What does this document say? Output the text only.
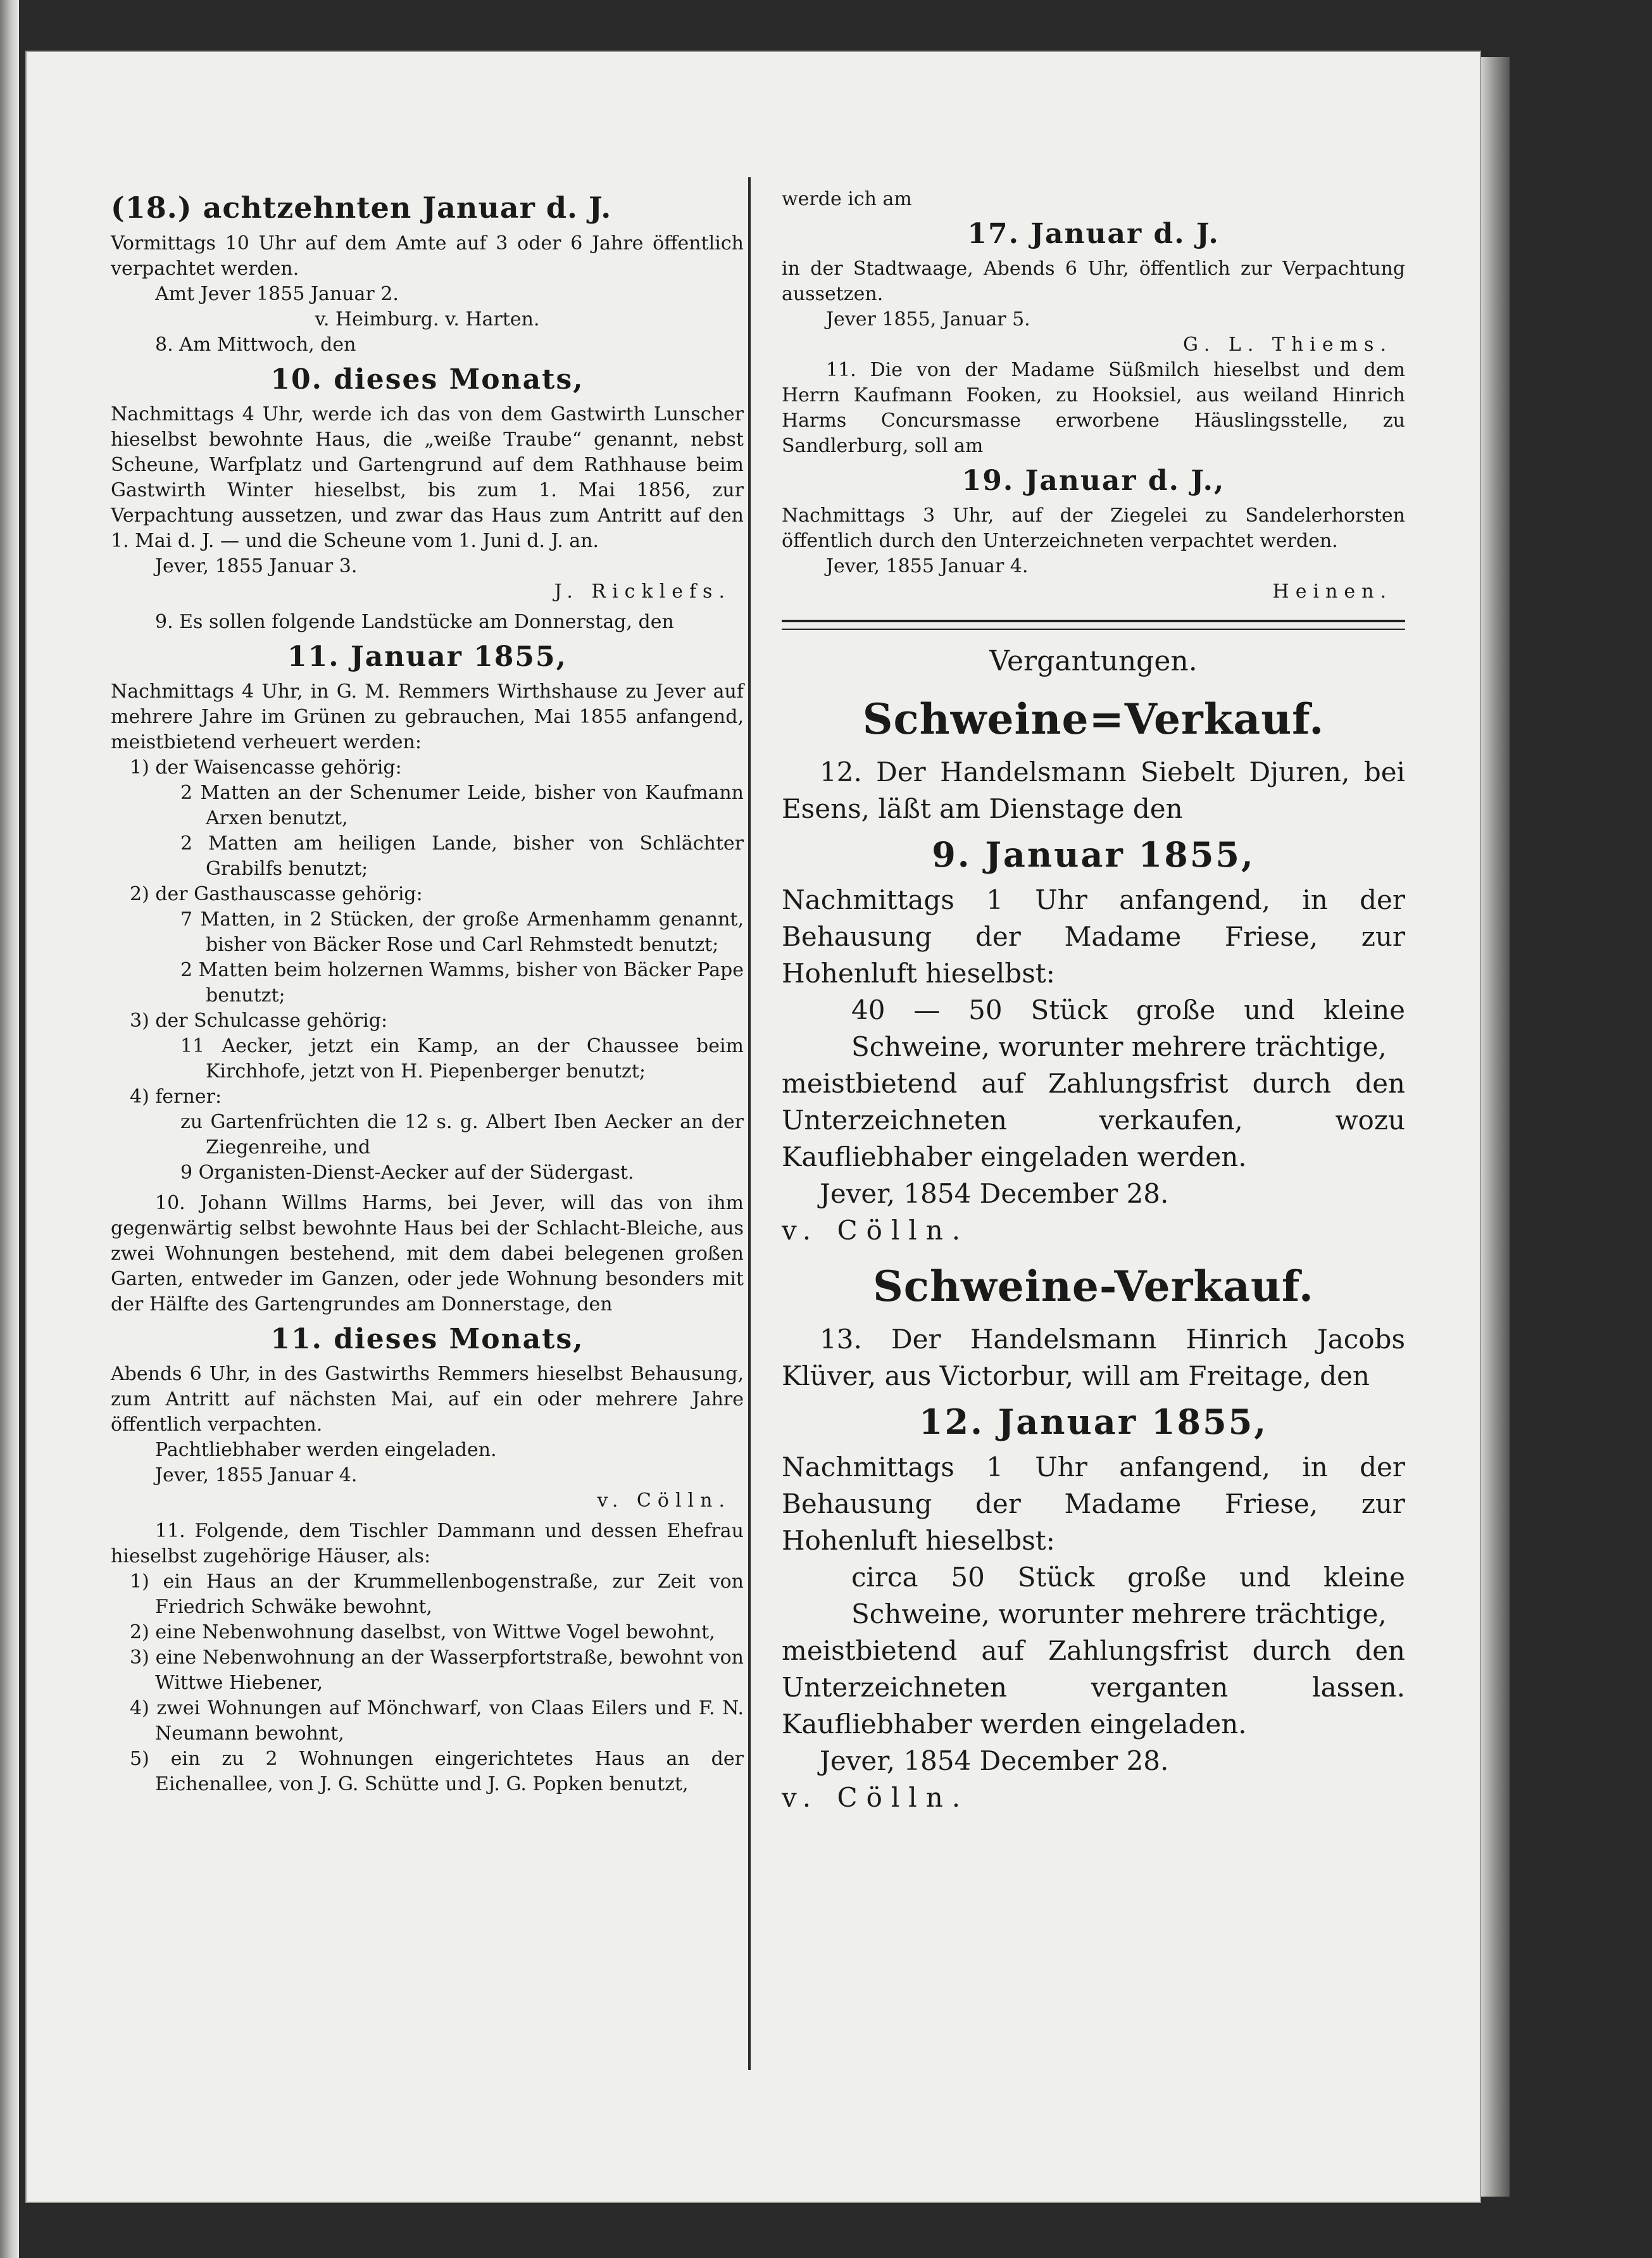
(18.) achtzehnten Januar d. J.

Vormittags 10 Uhr auf dem Amte auf 3 oder 6 Jahre öffentlich verpachtet werden.

Amt Jever 1855 Januar 2.

v. Heimburg. v. Harten.

8. Am Mittwoch, den

10. dieses Monats,

Nachmittags 4 Uhr, werde ich das von dem Gastwirth Lunscher hieselbst bewohnte Haus, die „weiße Traube“ genannt, nebst Scheune, Warfplatz und Gartengrund auf dem Rathhause beim Gastwirth Winter hieselbst, bis zum 1. Mai 1856, zur Verpachtung aussetzen, und zwar das Haus zum Antritt auf den 1. Mai d. J. — und die Scheune vom 1. Juni d. J. an.

Jever, 1855 Januar 3.

J. Ricklefs.

9. Es sollen folgende Landstücke am Donnerstag, den

11. Januar 1855,

Nachmittags 4 Uhr, in G. M. Remmers Wirthshause zu Jever auf mehrere Jahre im Grünen zu gebrauchen, Mai 1855 anfangend, meistbietend verheuert werden:

1) der Waisencasse gehörig:

2 Matten an der Schenumer Leide, bisher von Kaufmann Arxen benutzt,

2 Matten am heiligen Lande, bisher von Schlächter Grabilfs benutzt;

2) der Gasthauscasse gehörig:

7 Matten, in 2 Stücken, der große Armenhamm genannt, bisher von Bäcker Rose und Carl Rehmstedt benutzt;

2 Matten beim holzernen Wamms, bisher von Bäcker Pape benutzt;

3) der Schulcasse gehörig:

11 Aecker, jetzt ein Kamp, an der Chaussee beim Kirchhofe, jetzt von H. Piepenberger benutzt;

4) ferner:

zu Gartenfrüchten die 12 s. g. Albert Iben Aecker an der Ziegenreihe, und

9 Organisten-Dienst-Aecker auf der Südergast.

10. Johann Willms Harms, bei Jever, will das von ihm gegenwärtig selbst bewohnte Haus bei der Schlacht-Bleiche, aus zwei Wohnungen bestehend, mit dem dabei belegenen großen Garten, entweder im Ganzen, oder jede Wohnung besonders mit der Hälfte des Gartengrundes am Donnerstage, den

11. dieses Monats,

Abends 6 Uhr, in des Gastwirths Remmers hieselbst Behausung, zum Antritt auf nächsten Mai, auf ein oder mehrere Jahre öffentlich verpachten.

Pachtliebhaber werden eingeladen.

Jever, 1855 Januar 4.

v. Cölln.

11. Folgende, dem Tischler Dammann und dessen Ehefrau hieselbst zugehörige Häuser, als:

1) ein Haus an der Krummellenbogenstraße, zur Zeit von Friedrich Schwäke bewohnt,

2) eine Nebenwohnung daselbst, von Wittwe Vogel bewohnt,

3) eine Nebenwohnung an der Wasserpfortstraße, bewohnt von Wittwe Hiebener,

4) zwei Wohnungen auf Mönchwarf, von Claas Eilers und F. N. Neumann bewohnt,

5) ein zu 2 Wohnungen eingerichtetes Haus an der Eichenallee, von J. G. Schütte und J. G. Popken benutzt,

werde ich am

17. Januar d. J.

in der Stadtwaage, Abends 6 Uhr, öffentlich zur Verpachtung aussetzen.

Jever 1855, Januar 5.

G. L. Thiems.

11. Die von der Madame Süßmilch hieselbst und dem Herrn Kaufmann Fooken, zu Hooksiel, aus weiland Hinrich Harms Concursmasse erworbene Häuslingsstelle, zu Sandlerburg, soll am

19. Januar d. J.,

Nachmittags 3 Uhr, auf der Ziegelei zu Sandelerhorsten öffentlich durch den Unterzeichneten verpachtet werden.

Jever, 1855 Januar 4.

Heinen.

Vergantungen.

Schweine=Verkauf.

12. Der Handelsmann Siebelt Djuren, bei Esens, läßt am Dienstage den

9. Januar 1855,

Nachmittags 1 Uhr anfangend, in der Behausung der Madame Friese, zur Hohenluft hieselbst:

40 — 50 Stück große und kleine Schweine, worunter mehrere trächtige,

meistbietend auf Zahlungsfrist durch den Unterzeichneten verkaufen, wozu Kaufliebhaber eingeladen werden.

Jever, 1854 December 28.

v. Cölln.

Schweine-Verkauf.

13. Der Handelsmann Hinrich Jacobs Klüver, aus Victorbur, will am Freitage, den

12. Januar 1855,

Nachmittags 1 Uhr anfangend, in der Behausung der Madame Friese, zur Hohenluft hieselbst:

circa 50 Stück große und kleine Schweine, worunter mehrere trächtige,

meistbietend auf Zahlungsfrist durch den Unterzeichneten verganten lassen. Kaufliebhaber werden eingeladen.

Jever, 1854 December 28.

v. Cölln.
